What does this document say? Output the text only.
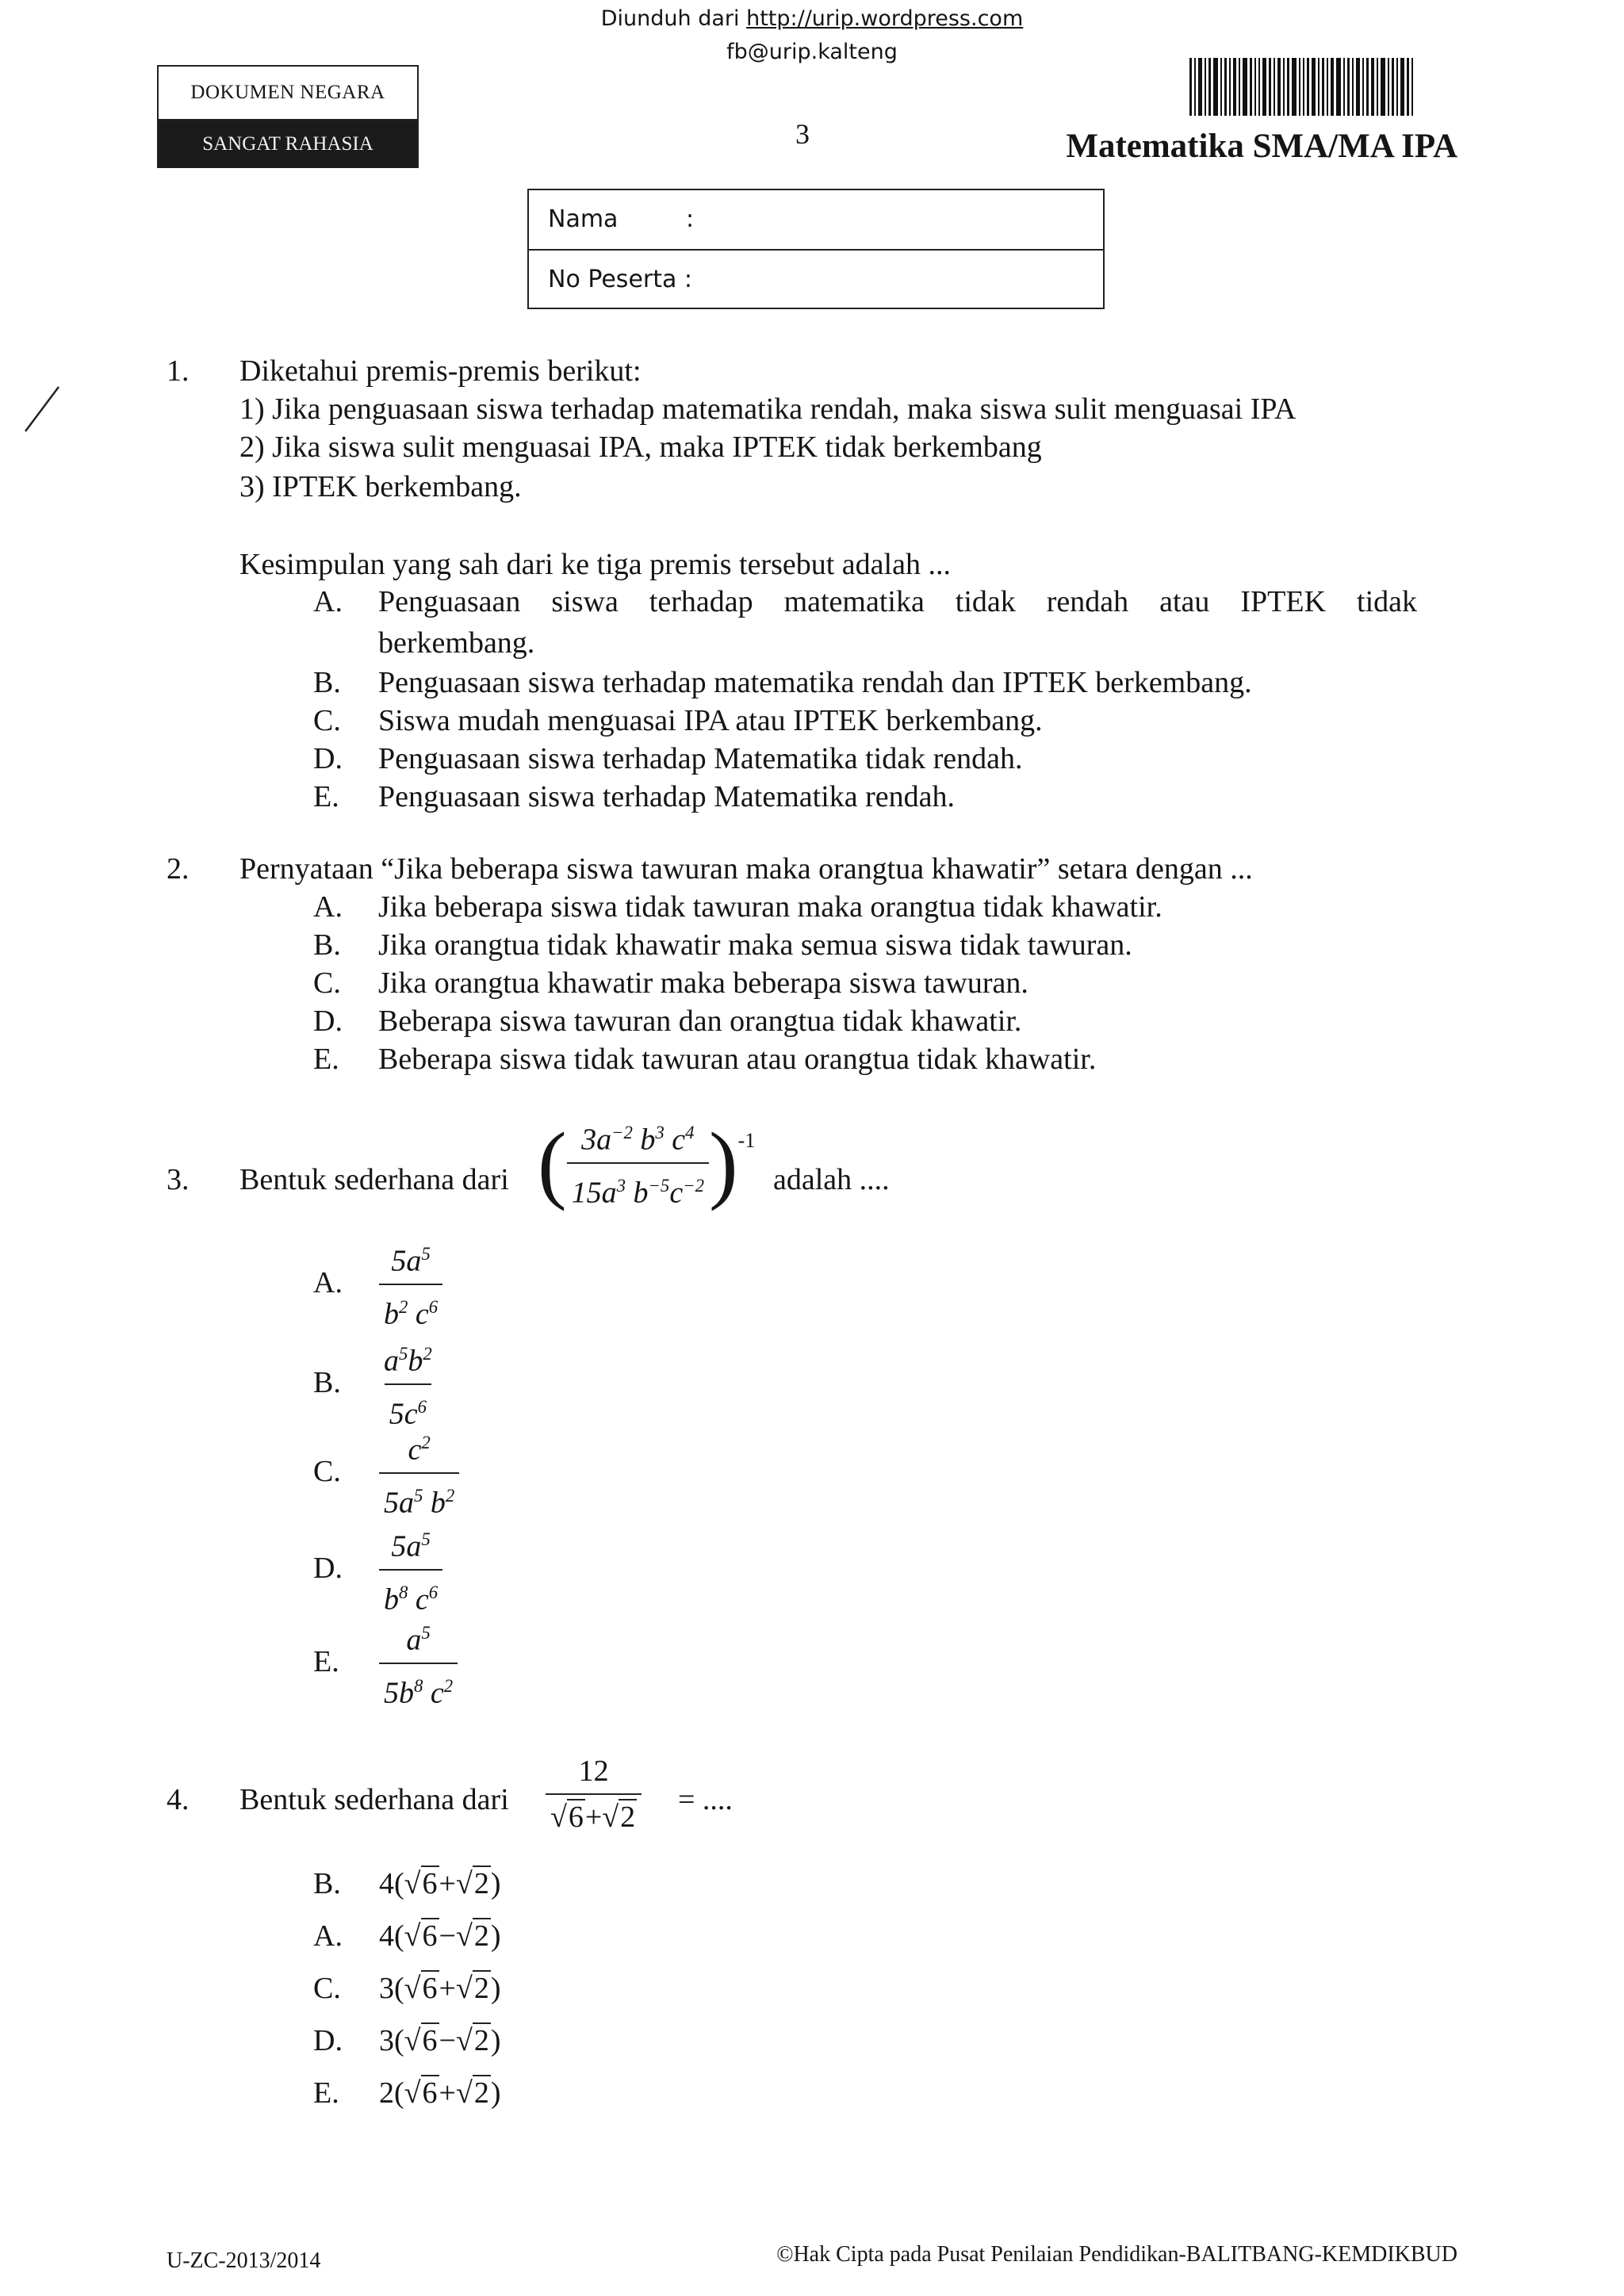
Diunduh dari http://urip.wordpress.com
fb@urip.kalteng
DOKUMEN NEGARA
SANGAT RAHASIA	3	Matematika SMA/MA IPA
Nama	:
No Peserta :
1. Diketahui premis-premis berikut:
1) Jika penguasaan siswa terhadap matematika rendah, maka siswa sulit menguasai IPA
2) Jika siswa sulit menguasai IPA, maka IPTEK tidak berkembang
3) IPTEK berkembang.
Kesimpulan yang sah dari ke tiga premis tersebut adalah ...
A. Penguasaan siswa terhadap matematika tidak rendah atau IPTEK tidak
berkembang.
B. Penguasaan siswa terhadap matematika rendah dan IPTEK berkembang.
C. Siswa mudah menguasai IPA atau IPTEK berkembang.
D. Penguasaan siswa terhadap Matematika tidak rendah.
E. Penguasaan siswa terhadap Matematika rendah.
2. Pernyataan “Jika beberapa siswa tawuran maka orangtua khawatir” setara dengan ...
A. Jika beberapa siswa tidak tawuran maka orangtua tidak khawatir.
B. Jika orangtua tidak khawatir maka semua siswa tidak tawuran.
C. Jika orangtua khawatir maka beberapa siswa tawuran.
D. Beberapa siswa tawuran dan orangtua tidak khawatir.
E. Beberapa siswa tidak tawuran atau orangtua tidak khawatir.
3. Bentuk sederhana dari ( $\frac{3a^{-2} b^3 c^4}{15a^3 b^{-5}c^{-2}} )^{-1}$
adalah ....
A. $\frac{5a^5}{b^2 c^6}$
B. $\frac{a^5b^2}{5c^6}$
C. $\frac{c^2}{5a^5 b^2}$
D. $\frac{5a^5}{b^8 c^6}$
E. $\frac{a^5}{5b^8 c^2}$
4. Bentuk sederhana dari $\frac{12}{√6+√2}$ = ....
B. 4(√6+√2)
A. 4(√6−√2)
C. 3(√6+√2)
D. 3(√6−√2)
E. 2(√6+√2)
U-ZC-2013/2014	©Hak Cipta pada Pusat Penilaian Pendidikan-BALITBANG-KEMDIKBUD
